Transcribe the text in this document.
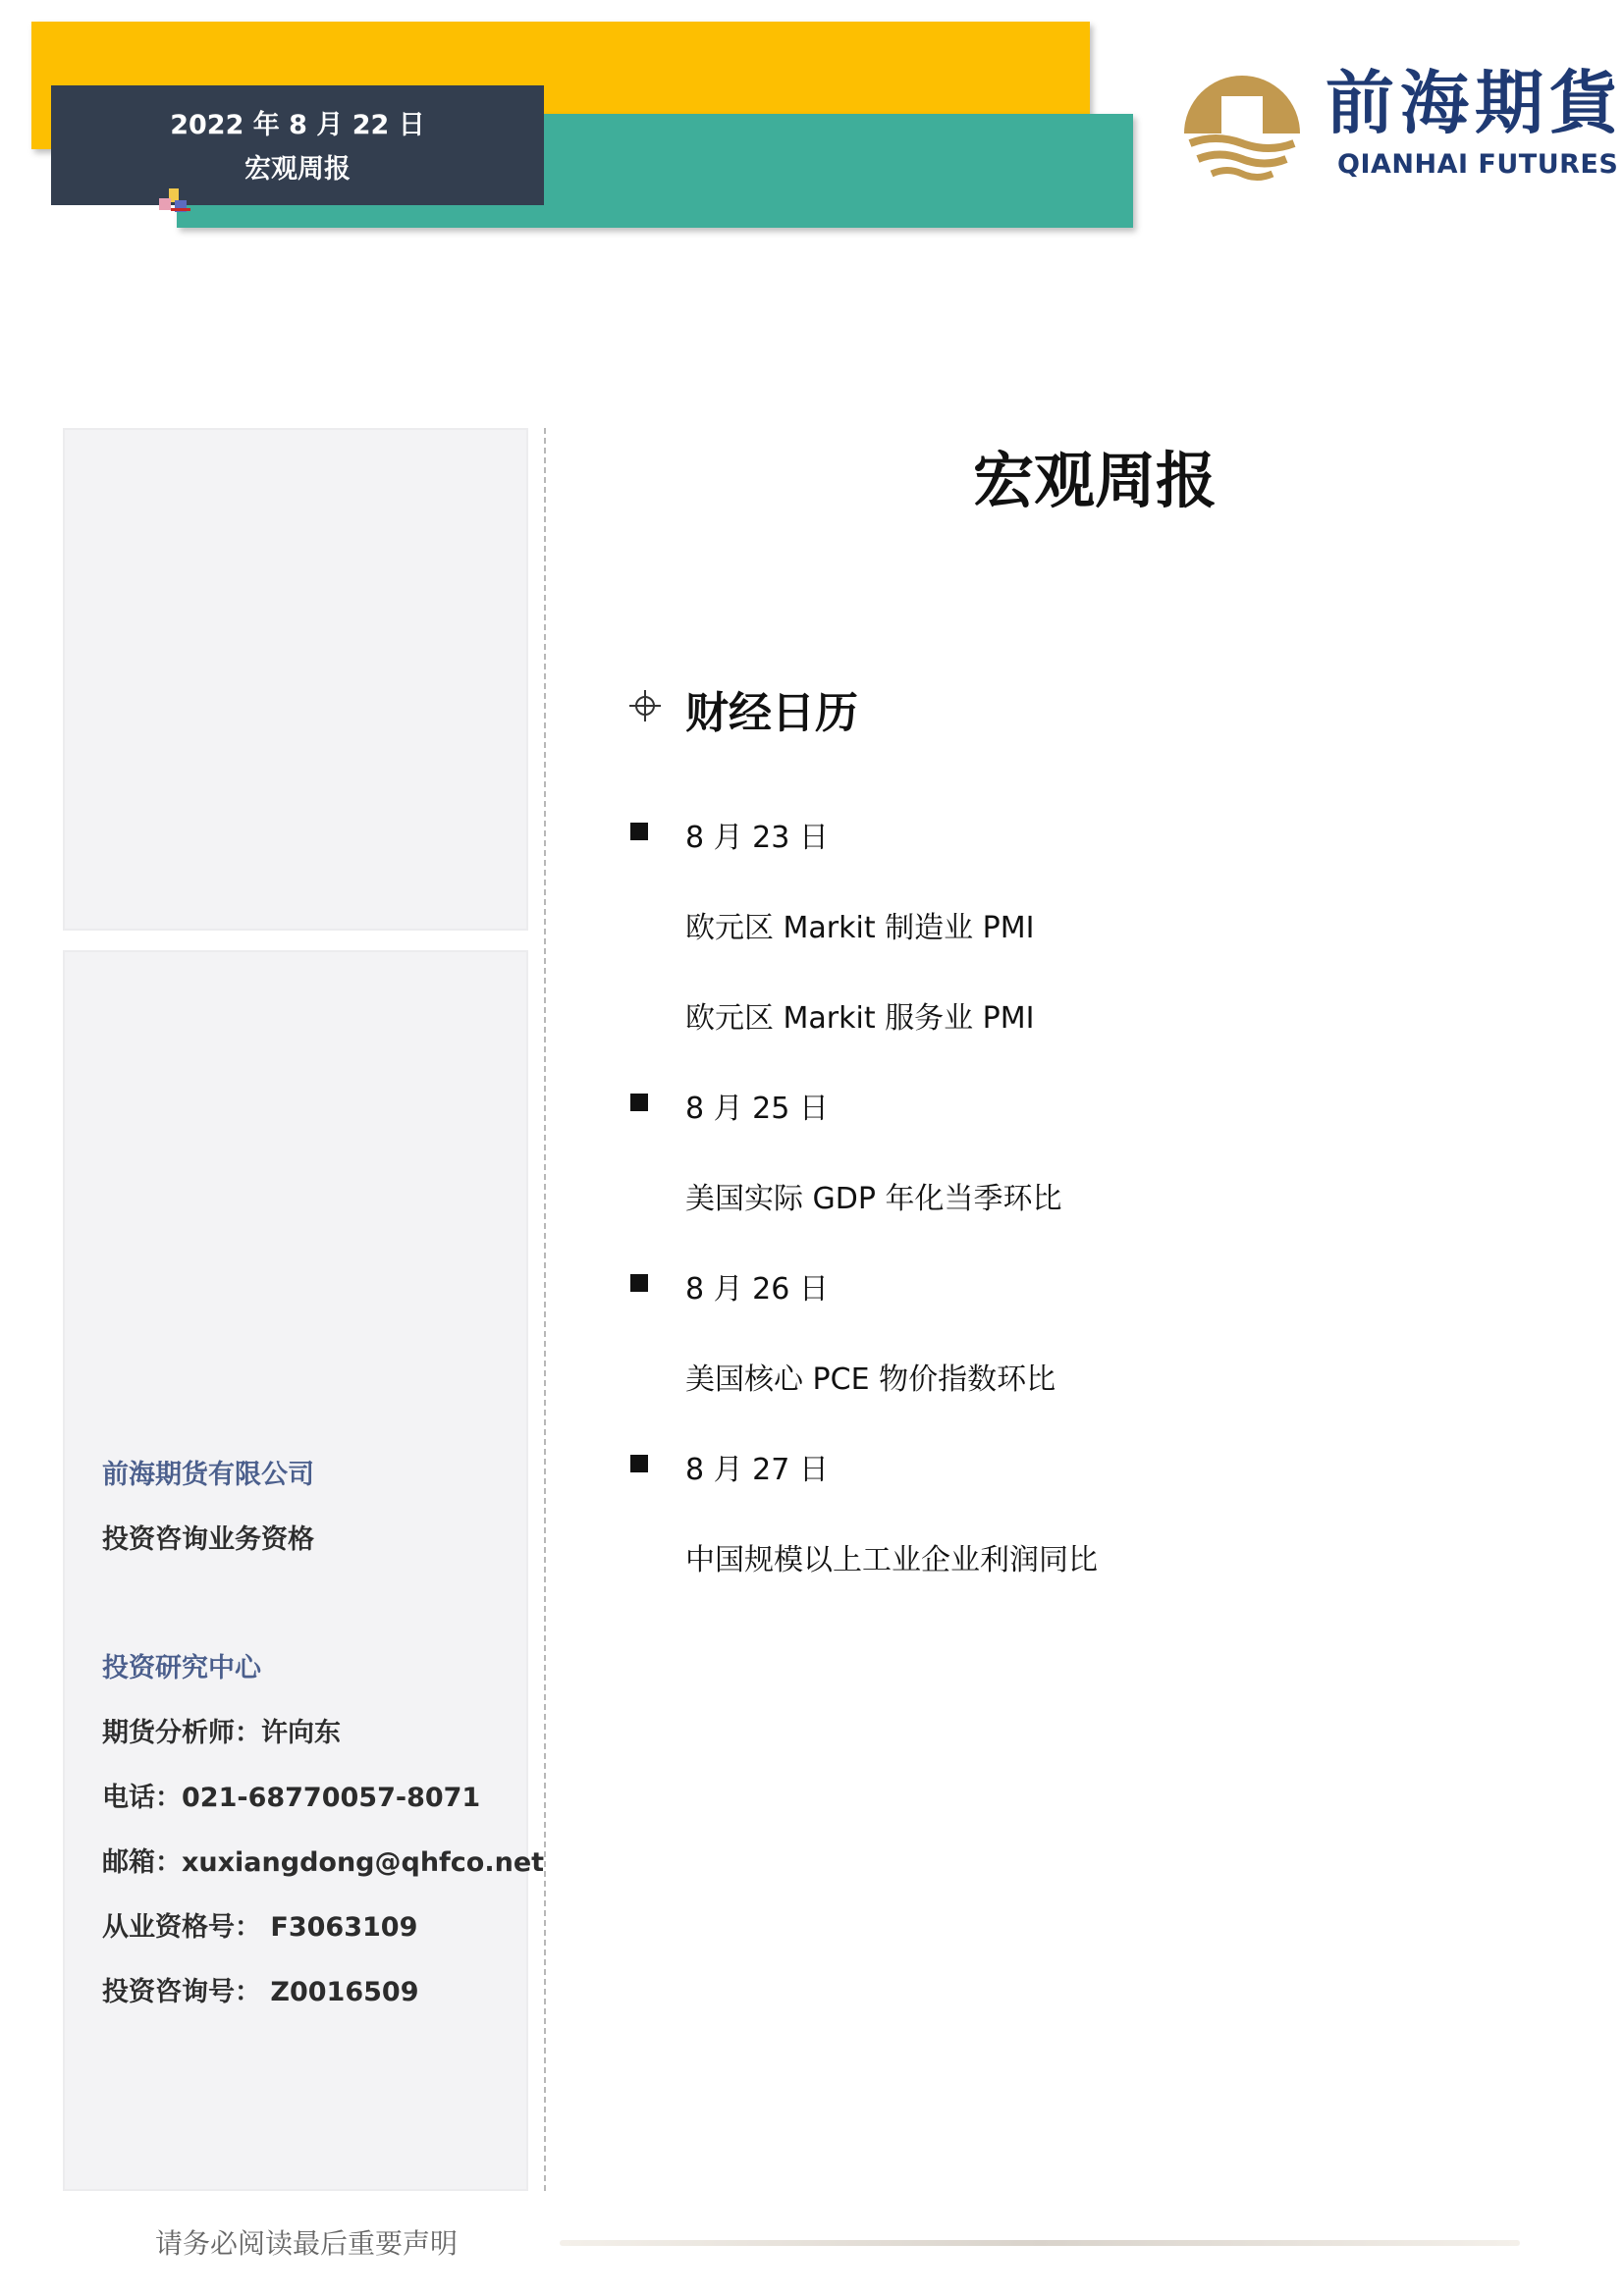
2022 年 8 月 22 日
宏观周报
前海期貨
QIANHAI FUTURES
前海期货有限公司
投资咨询业务资格
投资研究中心
期货分析师：许向东
电话：021-68770057-8071
邮箱：xuxiangdong@qhfco.net
从业资格号： F3063109
投资咨询号： Z0016509
宏观周报
财经日历
8 月 23 日
欧元区 Markit 制造业 PMI
欧元区 Markit 服务业 PMI
8 月 25 日
美国实际 GDP 年化当季环比
8 月 26 日
美国核心 PCE 物价指数环比
8 月 27 日
中国规模以上工业企业利润同比
请务必阅读最后重要声明
